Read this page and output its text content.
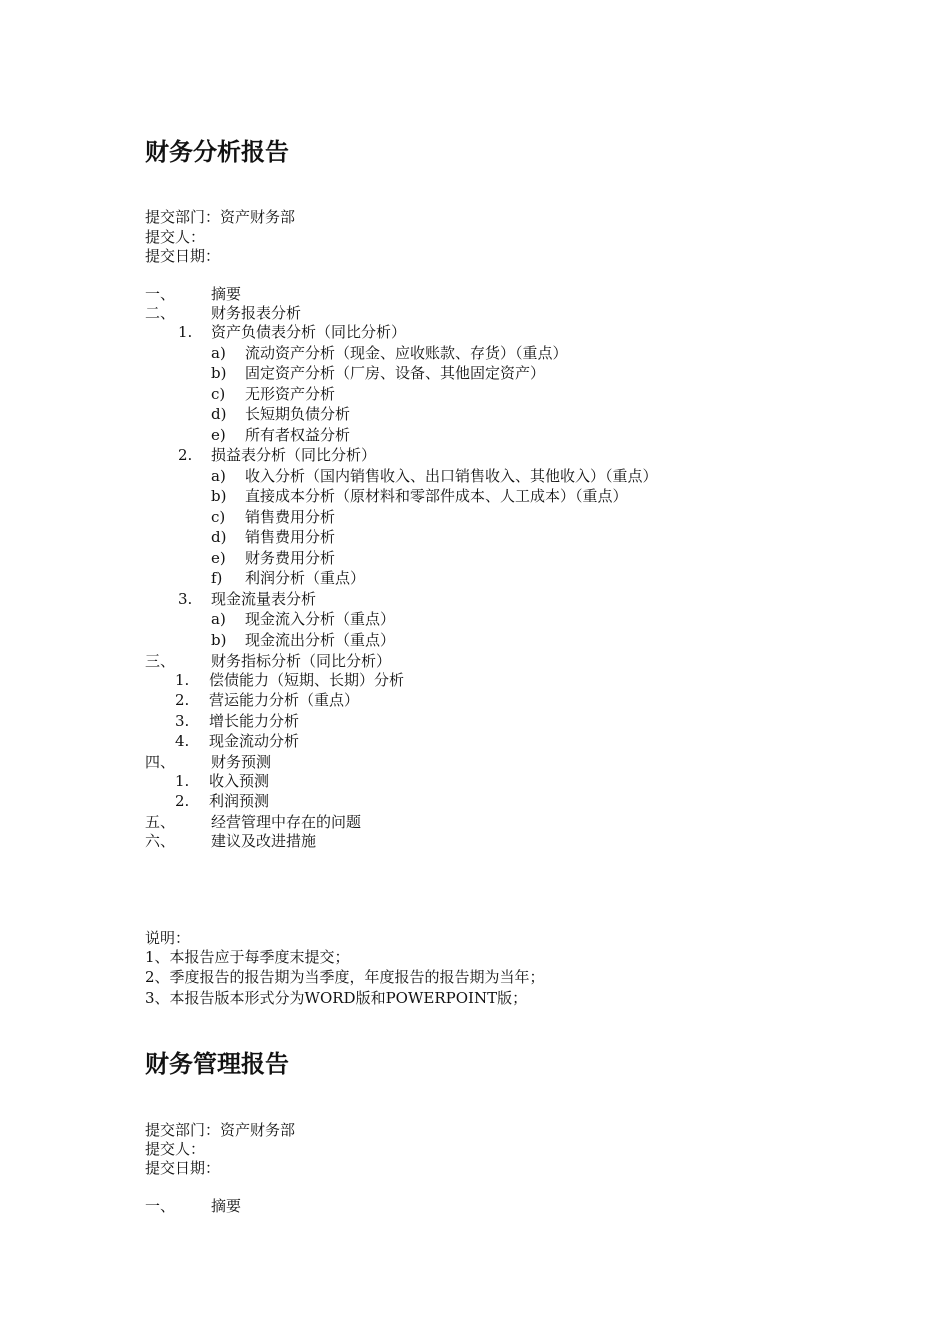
财务分析报告
提交部门：资产财务部
提交人：
提交日期：
一、 摘要
二、 财务报表分析
1. 资产负债表分析（同比分析）
a) 流动资产分析（现金、应收账款、存货）（重点）
b) 固定资产分析（厂房、设备、其他固定资产）
c) 无形资产分析
d) 长短期负债分析
e) 所有者权益分析
2. 损益表分析（同比分析）
a) 收入分析（国内销售收入、出口销售收入、其他收入）（重点）
b) 直接成本分析（原材料和零部件成本、人工成本）（重点）
c) 销售费用分析
d) 销售费用分析
e) 财务费用分析
f) 利润分析（重点）
3. 现金流量表分析
a) 现金流入分析（重点）
b) 现金流出分析（重点）
三、 财务指标分析（同比分析）
1. 偿债能力（短期、长期）分析
2. 营运能力分析（重点）
3. 增长能力分析
4. 现金流动分析
四、 财务预测
1. 收入预测
2. 利润预测
五、 经营管理中存在的问题
六、 建议及改进措施
说明：
1、本报告应于每季度末提交；
2、季度报告的报告期为当季度，年度报告的报告期为当年；
3、本报告版本形式分为WORD版和POWERPOINT版；
财务管理报告
提交部门：资产财务部
提交人：
提交日期：
一、 摘要
